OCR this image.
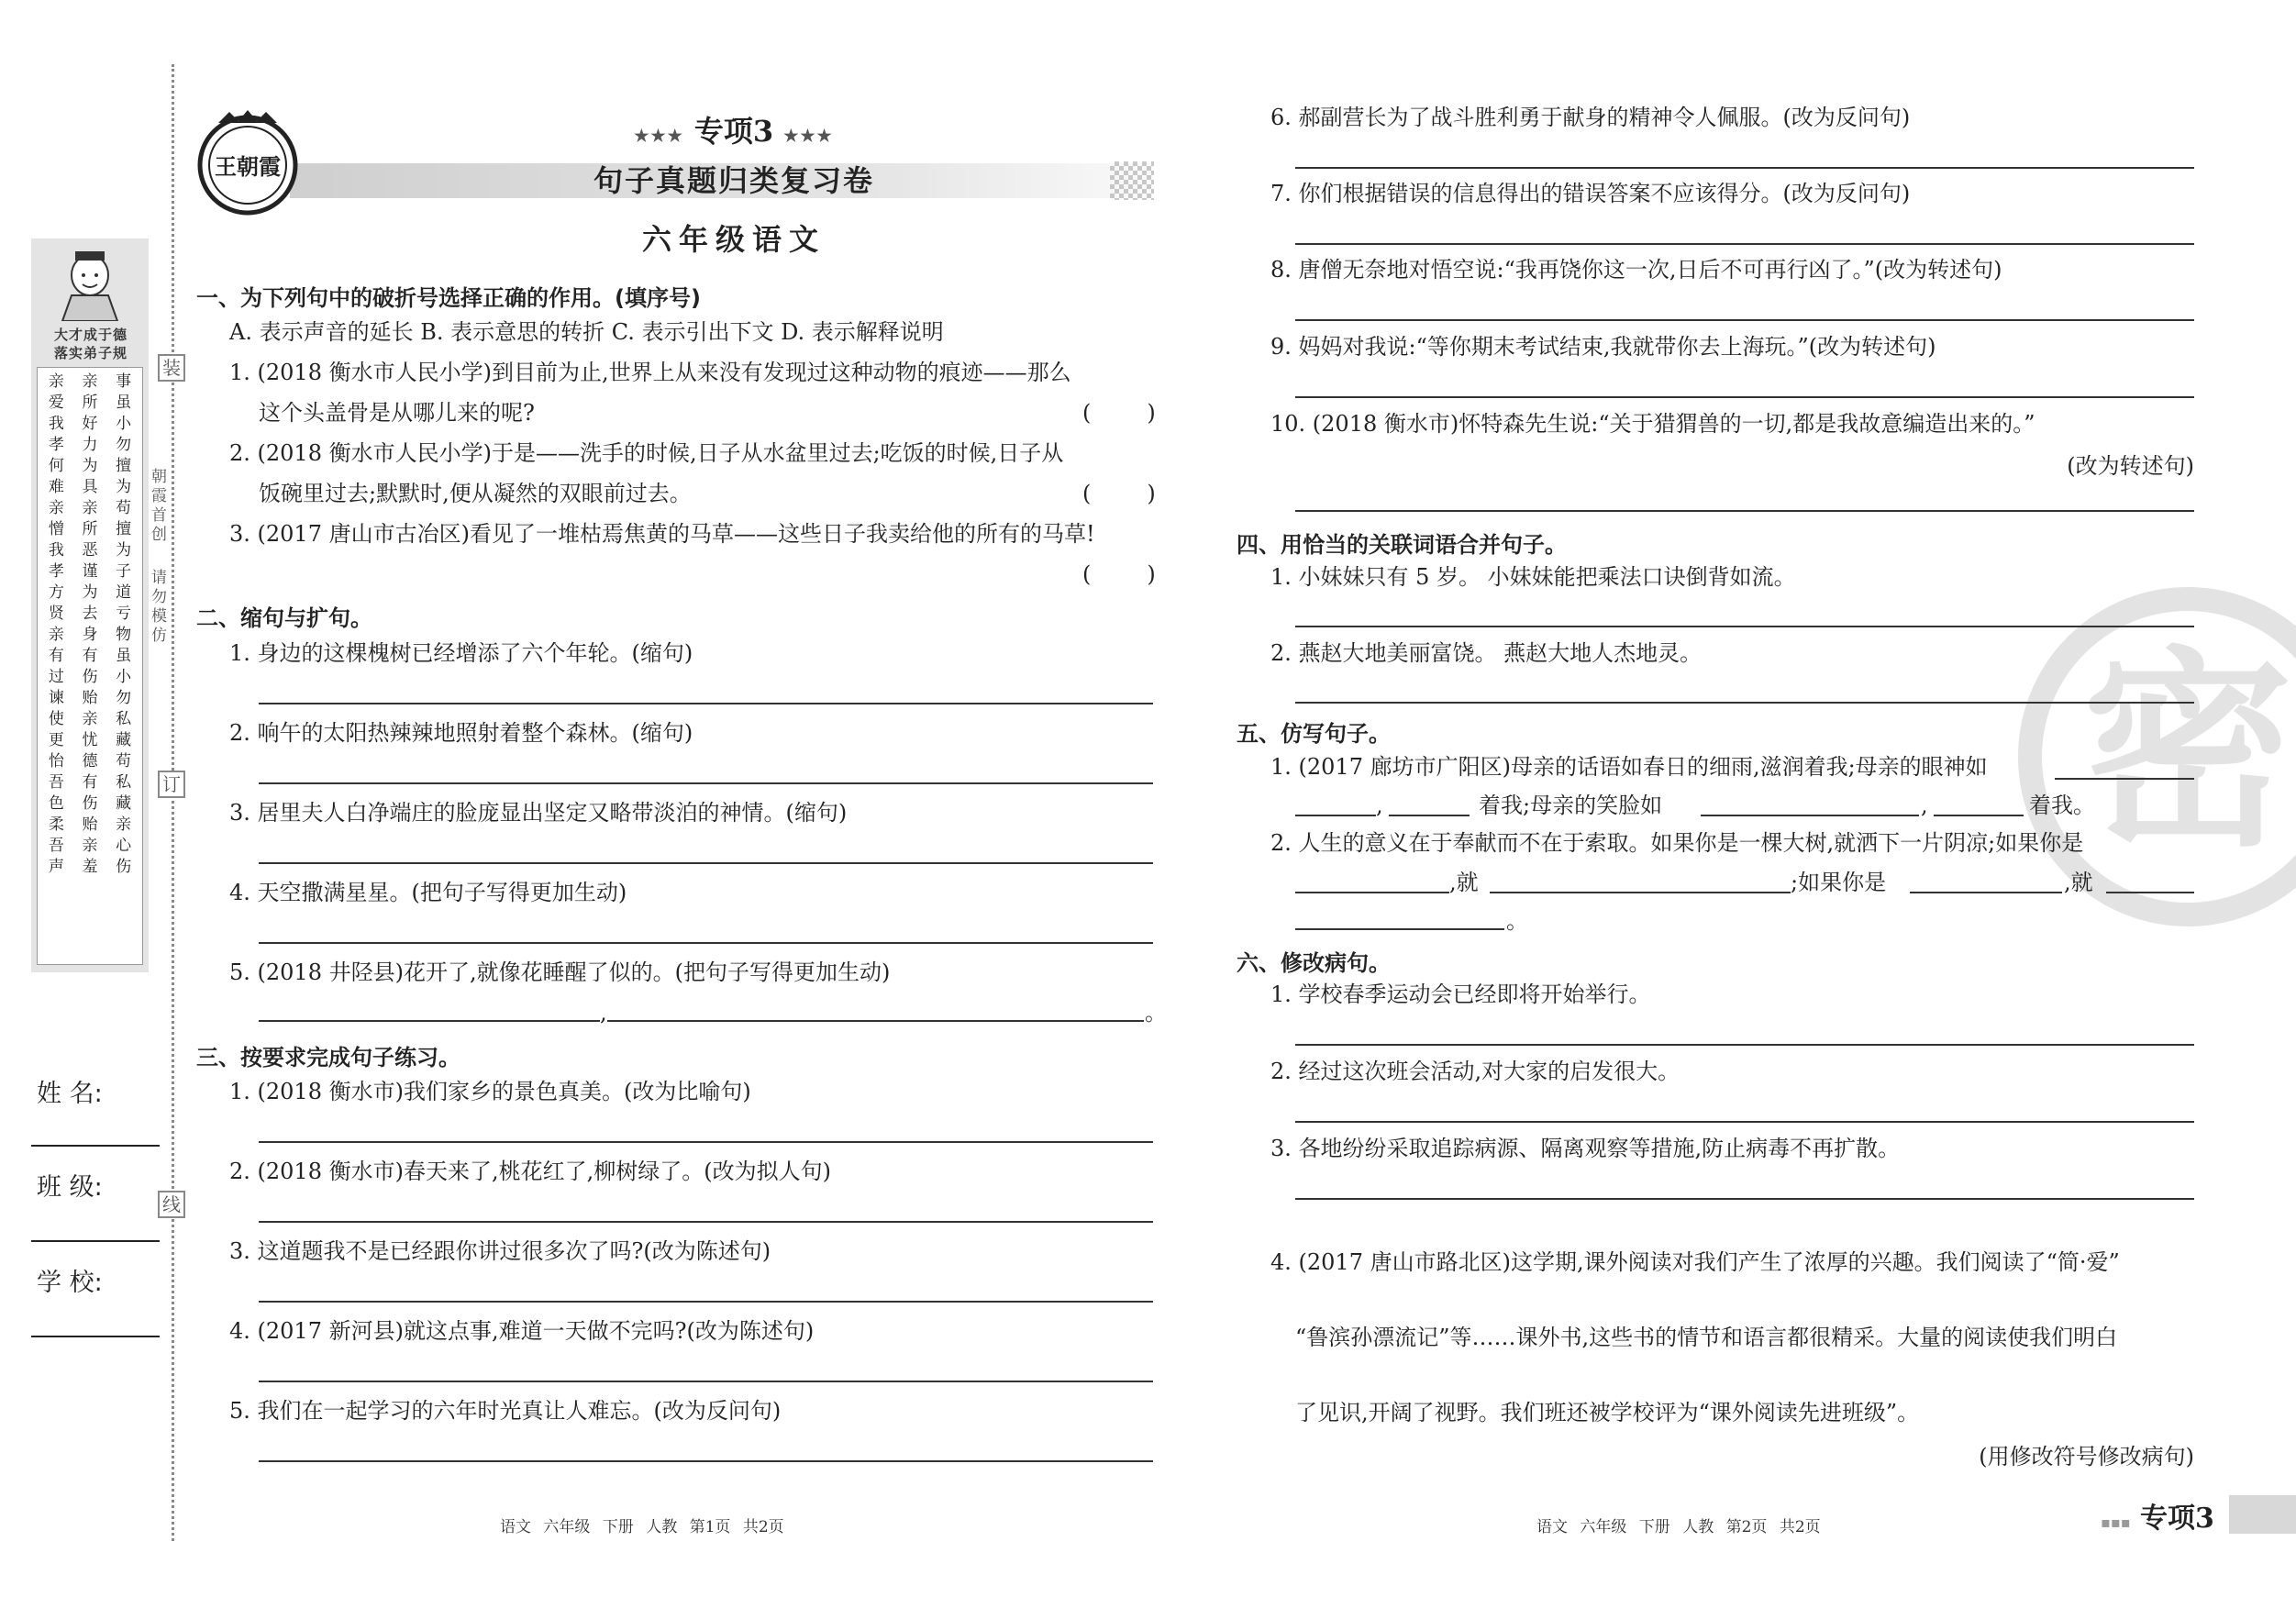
装
订
线
朝霞首创
请勿模仿
大才成于德
落实弟子规
亲	亲	事
爱	所	虽
我	好	小
孝	力	勿
何	为	擅
难	具	为
亲	亲	苟
憎	所	擅
我	恶	为
孝	谨	子
方	为	道
贤	去	亏
亲	身	物
有	有	虽
过	伤	小
谏	贻	勿
使	亲	私
更	忧	藏
怡	德	苟
吾	有	私
色	伤	藏
柔	贻	亲
吾	亲	心
声	羞	伤
姓 名:
班 级:
学 校:
王朝霞
★★★ 专项3 ★★★
句子真题归类复习卷
六年级语文
一、为下列句中的破折号选择正确的作用。(填序号)
A. 表示声音的延长 B. 表示意思的转折 C. 表示引出下文 D. 表示解释说明
1. (2018 衡水市人民小学)到目前为止,世界上从来没有发现过这种动物的痕迹——那么
这个头盖骨是从哪儿来的呢?	(        )
2. (2018 衡水市人民小学)于是——洗手的时候,日子从水盆里过去;吃饭的时候,日子从
饭碗里过去;默默时,便从凝然的双眼前过去。	(        )
3. (2017 唐山市古冶区)看见了一堆枯焉焦黄的马草——这些日子我卖给他的所有的马草!
(        )
二、缩句与扩句。
1. 身边的这棵槐树已经增添了六个年轮。(缩句)
2. 响午的太阳热辣辣地照射着整个森林。(缩句)
3. 居里夫人白净端庄的脸庞显出坚定又略带淡泊的神情。(缩句)
4. 天空撒满星星。(把句子写得更加生动)
5. (2018 井陉县)花开了,就像花睡醒了似的。(把句子写得更加生动)
,	。
三、按要求完成句子练习。
1. (2018 衡水市)我们家乡的景色真美。(改为比喻句)
2. (2018 衡水市)春天来了,桃花红了,柳树绿了。(改为拟人句)
3. 这道题我不是已经跟你讲过很多次了吗?(改为陈述句)
4. (2017 新河县)就这点事,难道一天做不完吗?(改为陈述句)
5. 我们在一起学习的六年时光真让人难忘。(改为反问句)
语文 六年级 下册 人教 第1页 共2页
密
6. 郝副营长为了战斗胜利勇于献身的精神令人佩服。(改为反问句)
7. 你们根据错误的信息得出的错误答案不应该得分。(改为反问句)
8. 唐僧无奈地对悟空说:“我再饶你这一次,日后不可再行凶了。”(改为转述句)
9. 妈妈对我说:“等你期末考试结束,我就带你去上海玩。”(改为转述句)
10. (2018 衡水市)怀特森先生说:“关于猎猬兽的一切,都是我故意编造出来的。”
(改为转述句)
四、用恰当的关联词语合并句子。
1. 小妹妹只有 5 岁。 小妹妹能把乘法口诀倒背如流。
2. 燕赵大地美丽富饶。 燕赵大地人杰地灵。
五、仿写句子。
1. (2017 廊坊市广阳区)母亲的话语如春日的细雨,滋润着我;母亲的眼神如
,	着我;母亲的笑脸如	,	着我。
2. 人生的意义在于奉献而不在于索取。如果你是一棵大树,就洒下一片阴凉;如果你是
,就	;如果你是	,就
。
六、修改病句。
1. 学校春季运动会已经即将开始举行。
2. 经过这次班会活动,对大家的启发很大。
3. 各地纷纷采取追踪病源、隔离观察等措施,防止病毒不再扩散。
4. (2017 唐山市路北区)这学期,课外阅读对我们产生了浓厚的兴趣。我们阅读了“简·爱”
“鲁滨孙漂流记”等……课外书,这些书的情节和语言都很精采。大量的阅读使我们明白
了见识,开阔了视野。我们班还被学校评为“课外阅读先进班级”。
(用修改符号修改病句)
语文 六年级 下册 人教 第2页 共2页	▪▪▪ 专项3
